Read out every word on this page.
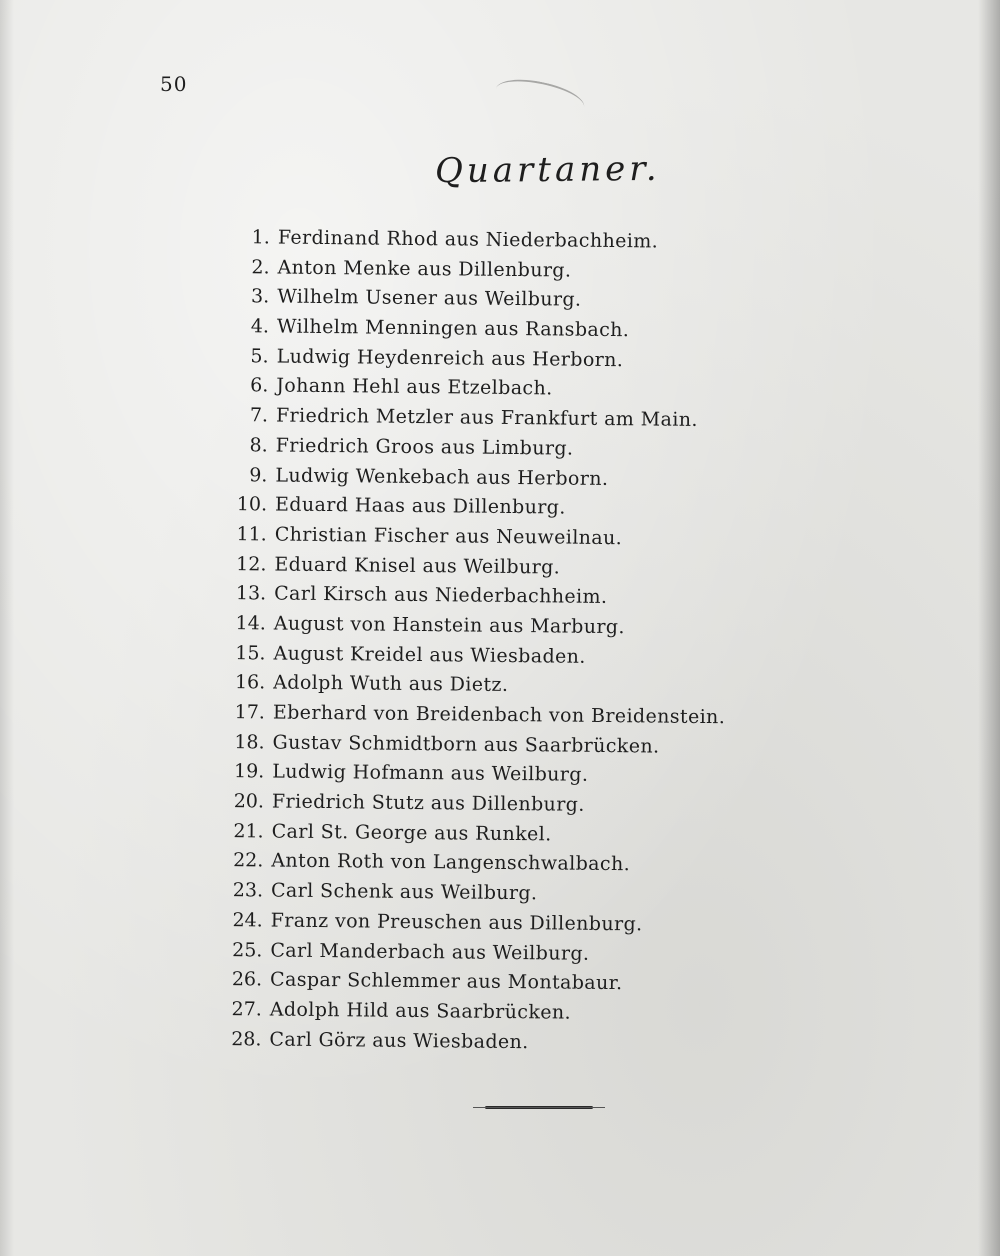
50
Quartaner.
1. Ferdinand Rhod aus Niederbachheim.
2. Anton Menke aus Dillenburg.
3. Wilhelm Usener aus Weilburg.
4. Wilhelm Menningen aus Ransbach.
5. Ludwig Heydenreich aus Herborn.
6. Johann Hehl aus Etzelbach.
7. Friedrich Metzler aus Frankfurt am Main.
8. Friedrich Groos aus Limburg.
9. Ludwig Wenkebach aus Herborn.
10. Eduard Haas aus Dillenburg.
11. Christian Fischer aus Neuweilnau.
12. Eduard Knisel aus Weilburg.
13. Carl Kirsch aus Niederbachheim.
14. August von Hanstein aus Marburg.
15. August Kreidel aus Wiesbaden.
16. Adolph Wuth aus Dietz.
17. Eberhard von Breidenbach von Breidenstein.
18. Gustav Schmidtborn aus Saarbrücken.
19. Ludwig Hofmann aus Weilburg.
20. Friedrich Stutz aus Dillenburg.
21. Carl St. George aus Runkel.
22. Anton Roth von Langenschwalbach.
23. Carl Schenk aus Weilburg.
24. Franz von Preuschen aus Dillenburg.
25. Carl Manderbach aus Weilburg.
26. Caspar Schlemmer aus Montabaur.
27. Adolph Hild aus Saarbrücken.
28. Carl Görz aus Wiesbaden.
